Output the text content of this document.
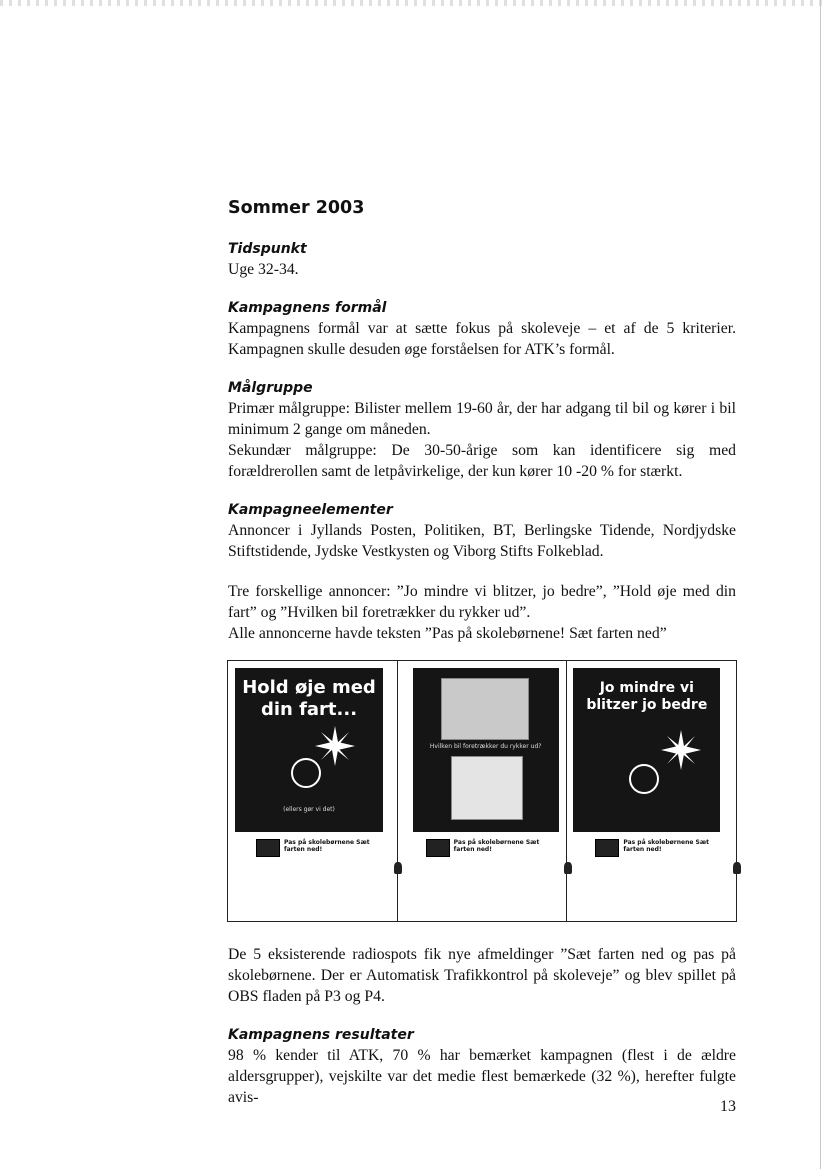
Sommer 2003

Tidspunkt

Uge 32-34.

Kampagnens formål

Kampagnens formål var at sætte fokus på skoleveje – et af de 5 kriterier. Kampagnen skulle desuden øge forståelsen for ATK’s formål.

Målgruppe

Primær målgruppe: Bilister mellem 19-60 år, der har adgang til bil og kører i bil minimum 2 gange om måneden.

Sekundær målgruppe: De 30-50-årige som kan identificere sig med forældrerollen samt de letpåvirkelige, der kun kører 10 -20 % for stærkt.

Kampagneelementer

Annoncer i Jyllands Posten, Politiken, BT, Berlingske Tidende, Nordjydske Stiftstidende, Jydske Vestkysten og Viborg Stifts Folkeblad.

Tre forskellige annoncer: ”Jo mindre vi blitzer, jo bedre”, ”Hold øje med din fart” og ”Hvilken bil foretrækker du rykker ud”.

Alle annoncerne havde teksten ”Pas på skolebørnene! Sæt farten ned”

Hold øje med din fart...
(ellers gør vi det)
Pas på skolebørnene Sæt farten ned!
Hvilken bil foretrækker du rykker ud?
Pas på skolebørnene Sæt farten ned!
Jo mindre vi blitzer jo bedre
Pas på skolebørnene Sæt farten ned!

De 5 eksisterende radiospots fik nye afmeldinger ”Sæt farten ned og pas på skolebørnene. Der er Automatisk Trafikkontrol på skoleveje” og blev spillet på OBS fladen på P3 og P4.

Kampagnens resultater

98 % kender til ATK, 70 % har bemærket kampagnen (flest i de ældre aldersgrupper), vejskilte var det medie flest bemærkede (32 %), herefter fulgte avis-

13
